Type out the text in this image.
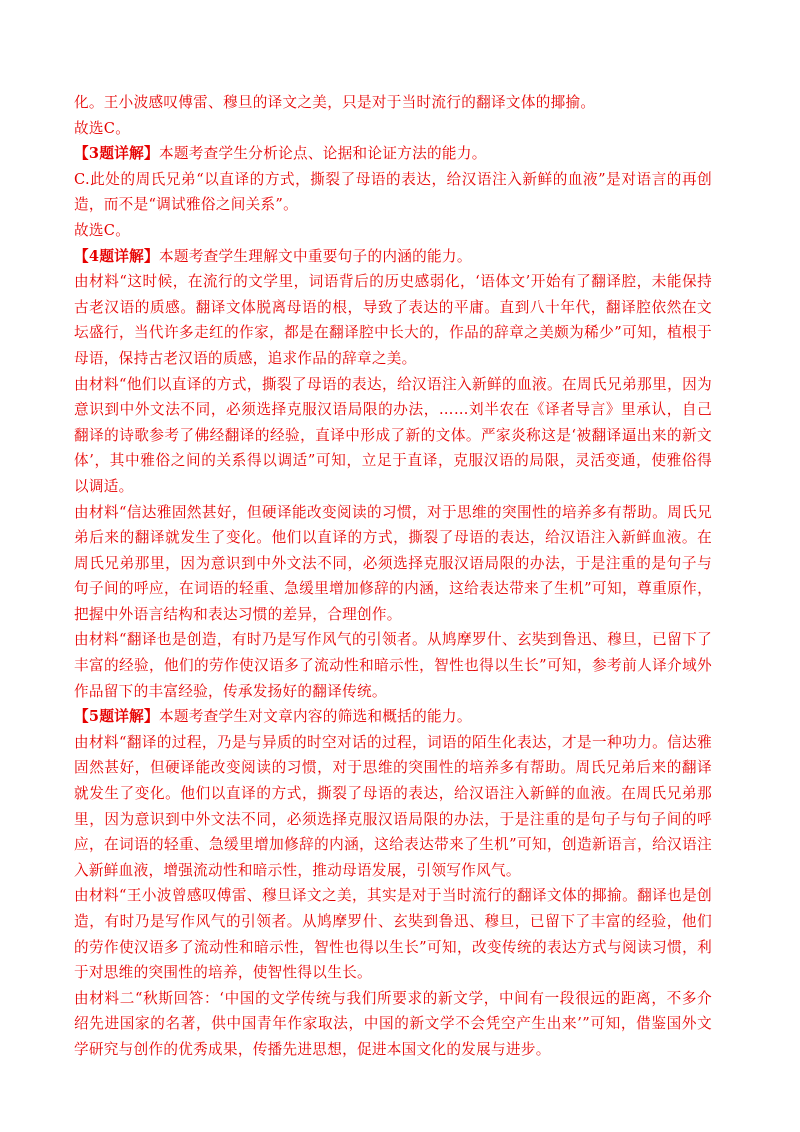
化。王小波感叹傅雷、穆旦的译文之美，只是对于当时流行的翻译文体的揶揄。

故选C。

【3题详解】本题考查学生分析论点、论据和论证方法的能力。

C.此处的周氏兄弟“以直译的方式，撕裂了母语的表达，给汉语注入新鲜的血液”是对语言的再创造，而不是“调试雅俗之间关系”。

故选C。

【4题详解】本题考查学生理解文中重要句子的内涵的能力。

由材料“这时候，在流行的文学里，词语背后的历史感弱化，‘语体文’开始有了翻译腔，未能保持古老汉语的质感。翻译文体脱离母语的根，导致了表达的平庸。直到八十年代，翻译腔依然在文坛盛行，当代许多走红的作家，都是在翻译腔中长大的，作品的辞章之美颇为稀少”可知，植根于母语，保持古老汉语的质感，追求作品的辞章之美。

由材料“他们以直译的方式，撕裂了母语的表达，给汉语注入新鲜的血液。在周氏兄弟那里，因为意识到中外文法不同，必须选择克服汉语局限的办法，……刘半农在《译者导言》里承认，自己翻译的诗歌参考了佛经翻译的经验，直译中形成了新的文体。严家炎称这是‘被翻译逼出来的新文体’，其中雅俗之间的关系得以调适”可知，立足于直译，克服汉语的局限，灵活变通，使雅俗得以调适。

由材料“信达雅固然甚好，但硬译能改变阅读的习惯，对于思维的突围性的培养多有帮助。周氏兄弟后来的翻译就发生了变化。他们以直译的方式，撕裂了母语的表达，给汉语注入新鲜血液。在周氏兄弟那里，因为意识到中外文法不同，必须选择克服汉语局限的办法，于是注重的是句子与句子间的呼应，在词语的轻重、急缓里增加修辞的内涵，这给表达带来了生机”可知，尊重原作，把握中外语言结构和表达习惯的差异，合理创作。

由材料“翻译也是创造，有时乃是写作风气的引领者。从鸠摩罗什、玄奘到鲁迅、穆旦，已留下了丰富的经验，他们的劳作使汉语多了流动性和暗示性，智性也得以生长”可知，参考前人译介域外作品留下的丰富经验，传承发扬好的翻译传统。

【5题详解】本题考查学生对文章内容的筛选和概括的能力。

由材料“翻译的过程，乃是与异质的时空对话的过程，词语的陌生化表达，才是一种功力。信达雅固然甚好，但硬译能改变阅读的习惯，对于思维的突围性的培养多有帮助。周氏兄弟后来的翻译就发生了变化。他们以直译的方式，撕裂了母语的表达，给汉语注入新鲜的血液。在周氏兄弟那里，因为意识到中外文法不同，必须选择克服汉语局限的办法，于是注重的是句子与句子间的呼应，在词语的轻重、急缓里增加修辞的内涵，这给表达带来了生机”可知，创造新语言，给汉语注入新鲜血液，增强流动性和暗示性，推动母语发展，引领写作风气。

由材料“王小波曾感叹傅雷、穆旦译文之美，其实是对于当时流行的翻译文体的揶揄。翻译也是创造，有时乃是写作风气的引领者。从鸠摩罗什、玄奘到鲁迅、穆旦，已留下了丰富的经验，他们的劳作使汉语多了流动性和暗示性，智性也得以生长”可知，改变传统的表达方式与阅读习惯，利于对思维的突围性的培养，使智性得以生长。

由材料二“秋斯回答：‘中国的文学传统与我们所要求的新文学，中间有一段很远的距离，不多介绍先进国家的名著，供中国青年作家取法，中国的新文学不会凭空产生出来’”可知，借鉴国外文学研究与创作的优秀成果，传播先进思想，促进本国文化的发展与进步。
